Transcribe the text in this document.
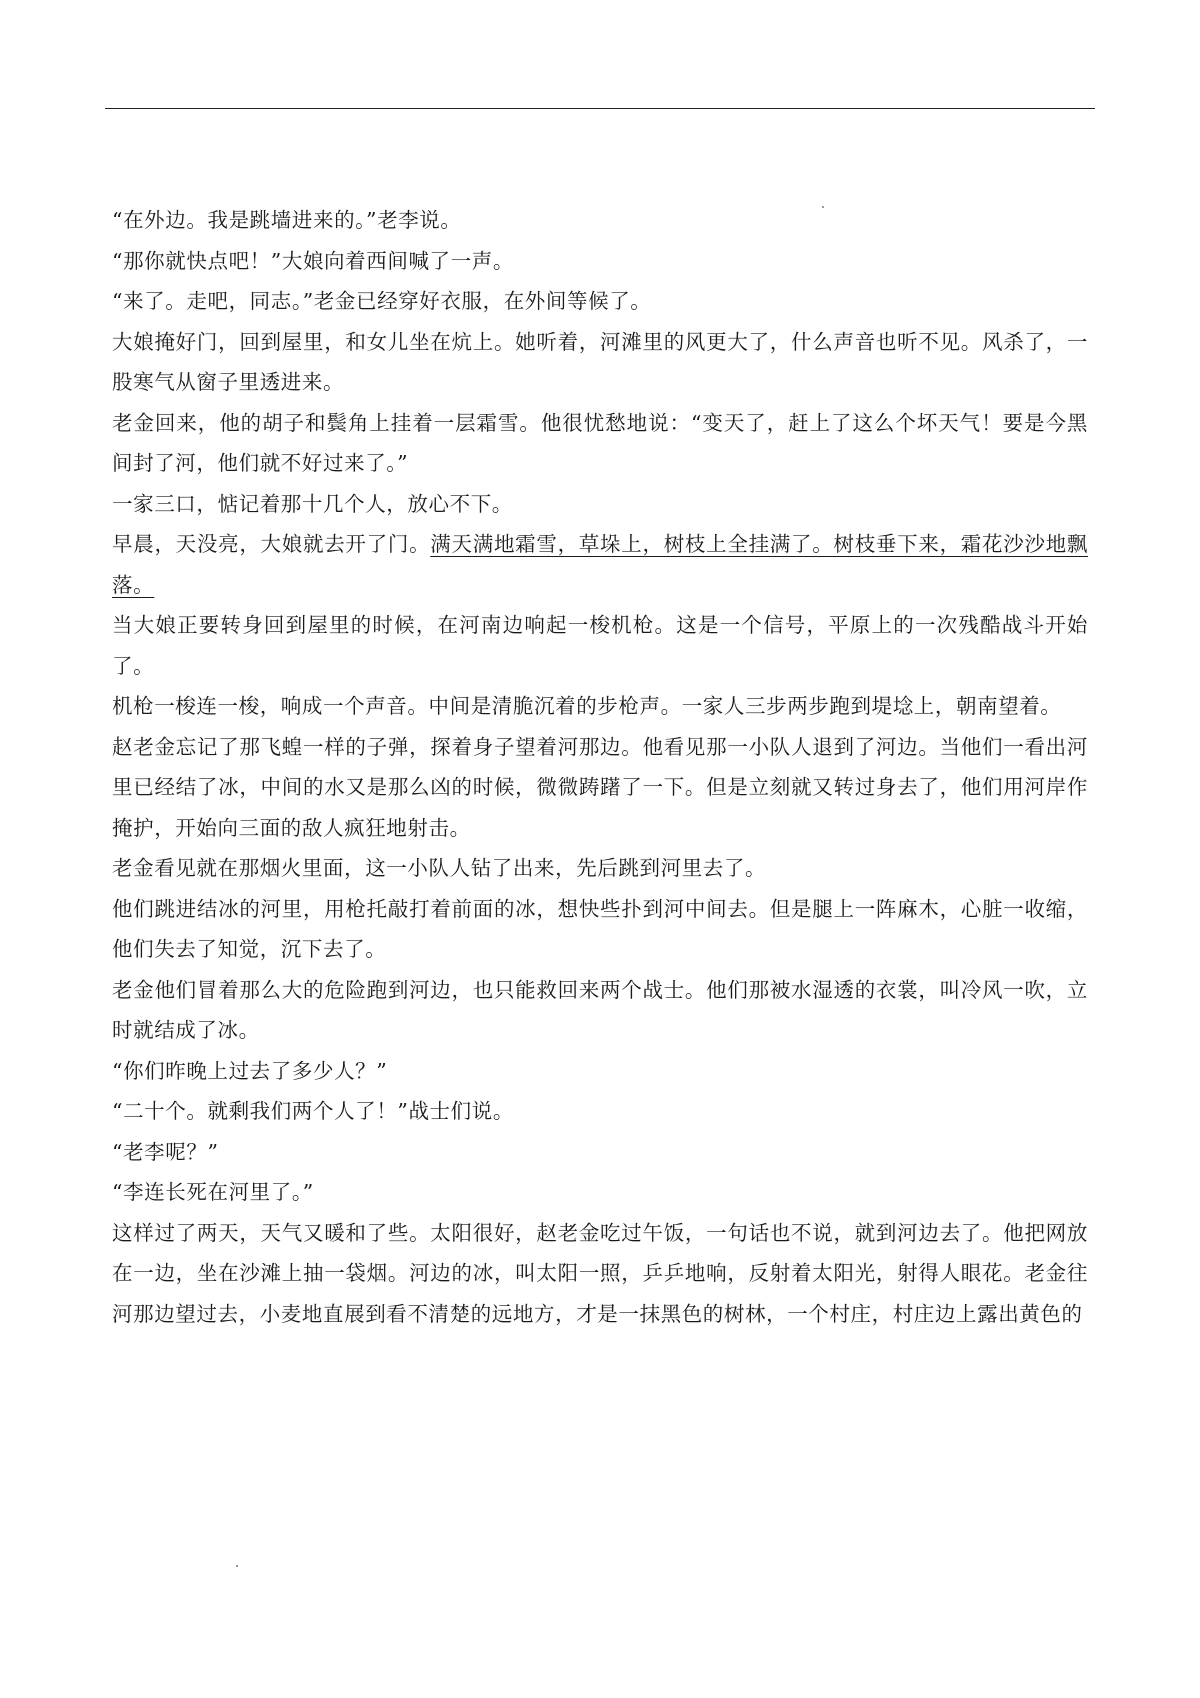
“在外边。我是跳墙进来的。”老李说。

“那你就快点吧！”大娘向着西间喊了一声。

“来了。走吧，同志。”老金已经穿好衣服，在外间等候了。

大娘掩好门，回到屋里，和女儿坐在炕上。她听着，河滩里的风更大了，什么声音也听不见。风杀了，一股寒气从窗子里透进来。

老金回来，他的胡子和鬓角上挂着一层霜雪。他很忧愁地说：“变天了，赶上了这么个坏天气！要是今黑间封了河，他们就不好过来了。”

一家三口，惦记着那十几个人，放心不下。

早晨，天没亮，大娘就去开了门。满天满地霜雪，草垛上，树枝上全挂满了。树枝垂下来，霜花沙沙地飘落。

当大娘正要转身回到屋里的时候，在河南边响起一梭机枪。这是一个信号，平原上的一次残酷战斗开始了。

机枪一梭连一梭，响成一个声音。中间是清脆沉着的步枪声。一家人三步两步跑到堤埝上，朝南望着。

赵老金忘记了那飞蝗一样的子弹，探着身子望着河那边。他看见那一小队人退到了河边。当他们一看出河里已经结了冰，中间的水又是那么凶的时候，微微踌躇了一下。但是立刻就又转过身去了，他们用河岸作掩护，开始向三面的敌人疯狂地射击。

老金看见就在那烟火里面，这一小队人钻了出来，先后跳到河里去了。

他们跳进结冰的河里，用枪托敲打着前面的冰，想快些扑到河中间去。但是腿上一阵麻木，心脏一收缩，他们失去了知觉，沉下去了。

老金他们冒着那么大的危险跑到河边，也只能救回来两个战士。他们那被水湿透的衣裳，叫冷风一吹，立时就结成了冰。

“你们昨晚上过去了多少人？”

“二十个。就剩我们两个人了！”战士们说。

“老李呢？”

“李连长死在河里了。”

这样过了两天，天气又暖和了些。太阳很好，赵老金吃过午饭，一句话也不说，就到河边去了。他把网放在一边，坐在沙滩上抽一袋烟。河边的冰，叫太阳一照，乒乒地响，反射着太阳光，射得人眼花。老金往河那边望过去，小麦地直展到看不清楚的远地方，才是一抹黑色的树林，一个村庄，村庄边上露出黄色的
